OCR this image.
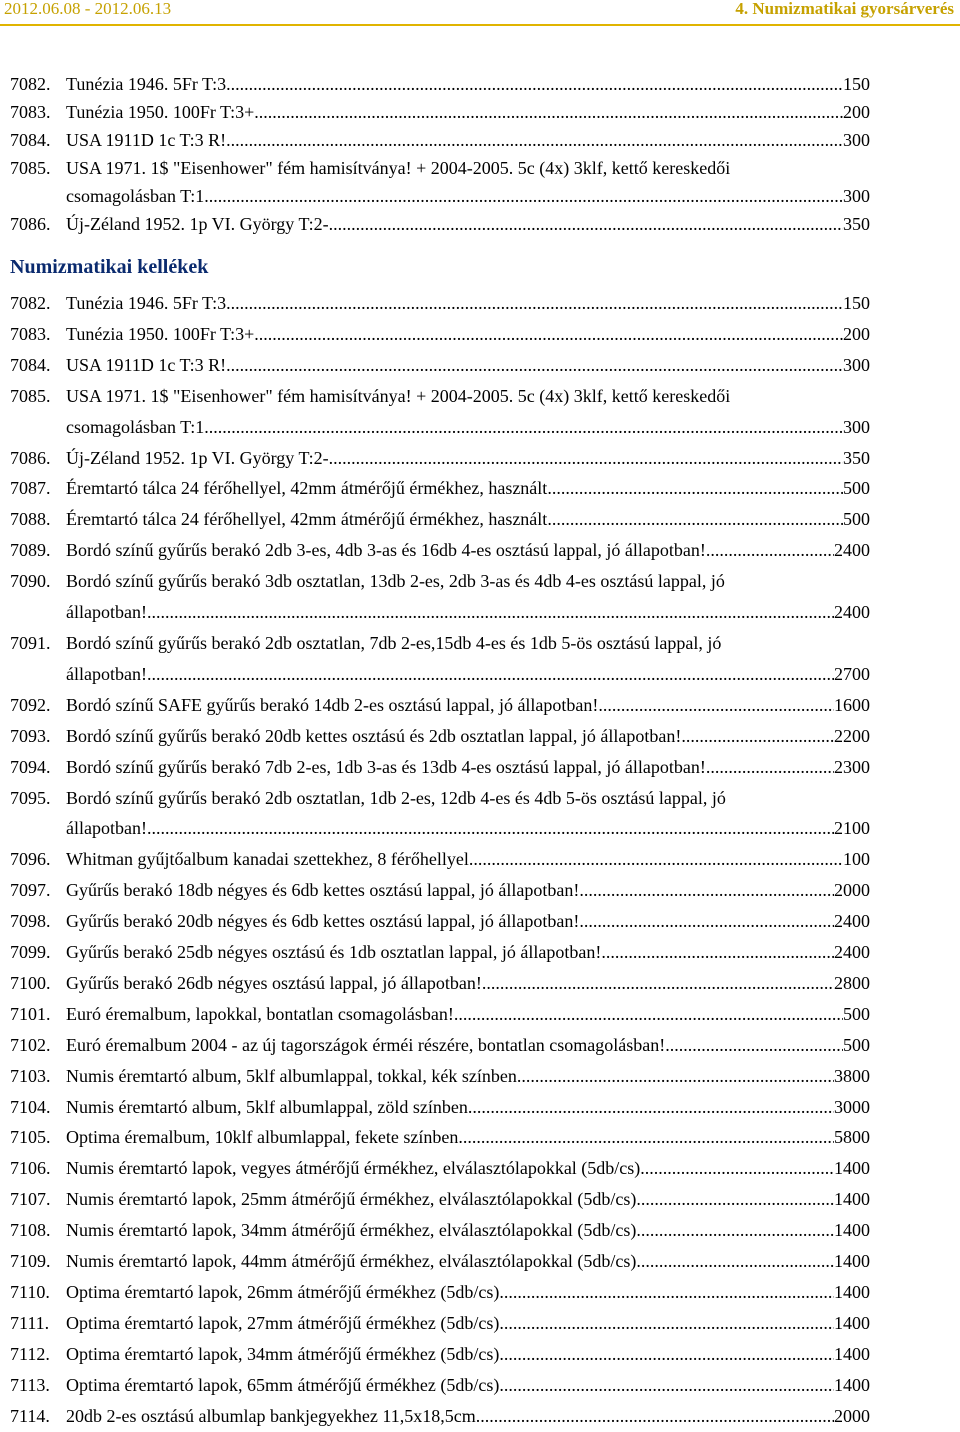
2012.06.08 - 2012.06.13	4. Numizmatikai gyorsárverés
7082. Tunézia 1946. 5Fr T:3 .....	150
7083. Tunézia 1950. 100Fr T:3+ .....	200
7084. USA 1911D 1c T:3 R! .....	300
7085. USA 1971. 1$ "Eisenhower" fém hamisítványa! + 2004-2005. 5c (4x) 3klf, kettő kereskedői
csomagolásban T:1 .....	300
7086. Új-Zéland 1952. 1p VI. György T:2- .....	350
Numizmatikai kellékek
7082. Tunézia 1946. 5Fr T:3 .....	150
7083. Tunézia 1950. 100Fr T:3+ .....	200
7084. USA 1911D 1c T:3 R! .....	300
7085. USA 1971. 1$ "Eisenhower" fém hamisítványa! + 2004-2005. 5c (4x) 3klf, kettő kereskedői
csomagolásban T:1 .....	300
7086. Új-Zéland 1952. 1p VI. György T:2- .....	350
7087. Éremtartó tálca 24 férőhellyel, 42mm átmérőjű érmékhez, használt .....	500
7088. Éremtartó tálca 24 férőhellyel, 42mm átmérőjű érmékhez, használt .....	500
7089. Bordó színű gyűrűs berakó 2db 3-es, 4db 3-as és 16db 4-es osztású lappal, jó állapotban! .....	2400
7090. Bordó színű gyűrűs berakó 3db osztatlan, 13db 2-es, 2db 3-as és 4db 4-es osztású lappal, jó
állapotban! .....	2400
7091. Bordó színű gyűrűs berakó 2db osztatlan, 7db 2-es,15db 4-es és 1db 5-ös osztású lappal, jó
állapotban! .....	2700
7092. Bordó színű SAFE gyűrűs berakó 14db 2-es osztású lappal, jó állapotban! .....	1600
7093. Bordó színű gyűrűs berakó 20db kettes osztású és 2db osztatlan lappal, jó állapotban! .....	2200
7094. Bordó színű gyűrűs berakó 7db 2-es, 1db 3-as és 13db 4-es osztású lappal, jó állapotban! .....	2300
7095. Bordó színű gyűrűs berakó 2db osztatlan, 1db 2-es, 12db 4-es és 4db 5-ös osztású lappal, jó
állapotban! .....	2100
7096. Whitman gyűjtőalbum kanadai szettekhez, 8 férőhellyel .....	100
7097. Gyűrűs berakó 18db négyes és 6db kettes osztású lappal, jó állapotban! .....	2000
7098. Gyűrűs berakó 20db négyes és 6db kettes osztású lappal, jó állapotban! .....	2400
7099. Gyűrűs berakó 25db négyes osztású és 1db osztatlan lappal, jó állapotban! .....	2400
7100. Gyűrűs berakó 26db négyes osztású lappal, jó állapotban! .....	2800
7101. Euró éremalbum, lapokkal, bontatlan csomagolásban! .....	500
7102. Euró éremalbum 2004 - az új tagországok érméi részére, bontatlan csomagolásban! .....	500
7103. Numis éremtartó album, 5klf albumlappal, tokkal, kék színben .....	3800
7104. Numis éremtartó album, 5klf albumlappal, zöld színben .....	3000
7105. Optima éremalbum, 10klf albumlappal, fekete színben .....	5800
7106. Numis éremtartó lapok, vegyes átmérőjű érmékhez, elválasztólapokkal (5db/cs) .....	1400
7107. Numis éremtartó lapok, 25mm átmérőjű érmékhez, elválasztólapokkal (5db/cs) .....	1400
7108. Numis éremtartó lapok, 34mm átmérőjű érmékhez, elválasztólapokkal (5db/cs) .....	1400
7109. Numis éremtartó lapok, 44mm átmérőjű érmékhez, elválasztólapokkal (5db/cs) .....	1400
7110. Optima éremtartó lapok, 26mm átmérőjű érmékhez (5db/cs) .....	1400
7111. Optima éremtartó lapok, 27mm átmérőjű érmékhez (5db/cs) .....	1400
7112. Optima éremtartó lapok, 34mm átmérőjű érmékhez (5db/cs) .....	1400
7113. Optima éremtartó lapok, 65mm átmérőjű érmékhez (5db/cs) .....	1400
7114. 20db 2-es osztású albumlap bankjegyekhez 11,5x18,5cm .....	2000
